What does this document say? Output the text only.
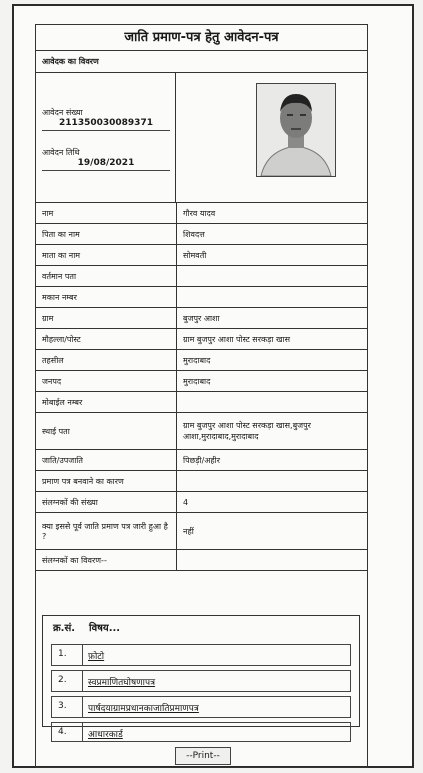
जाति प्रमाण-पत्र हेतु आवेदन-पत्र
आवेदक का विवरण
आवेदन संख्या
211350030089371
आवेदन तिथि
19/08/2021
नाम	गौरव यादव
पिता का नाम	शिवदत्त
माता का नाम	सोमवती
वर्तमान पता	
मकान नम्बर	
ग्राम	बुजपुर आशा
मौहल्ला/पोस्ट	ग्राम बुजपुर आशा पोस्ट सरकड़ा खास
तहसील	मुरादाबाद
जनपद	मुरादाबाद
मोबाईल नम्बर	
स्थाई पता	ग्राम बुजपुर आशा पोस्ट सरकड़ा खास,बुजपुर आशा,मुरादाबाद,मुरादाबाद
जाति/उपजाति	पिछड़ी/अहीर
प्रमाण पत्र बनवाने का कारण	
संलग्नकों की संख्या	4
क्या इससे पूर्व जाति प्रमाण पत्र जारी हुआ है ?	नहीं
संलग्नकों का विवरण--	
क्र.सं. विषय...
1. फ़ोटो
2. स्वप्रमाणितघोषणापत्र
3. पार्षदयाग्रामप्रधानकाजातिप्रमाणपत्र
4. आधारकार्ड
--Print--
